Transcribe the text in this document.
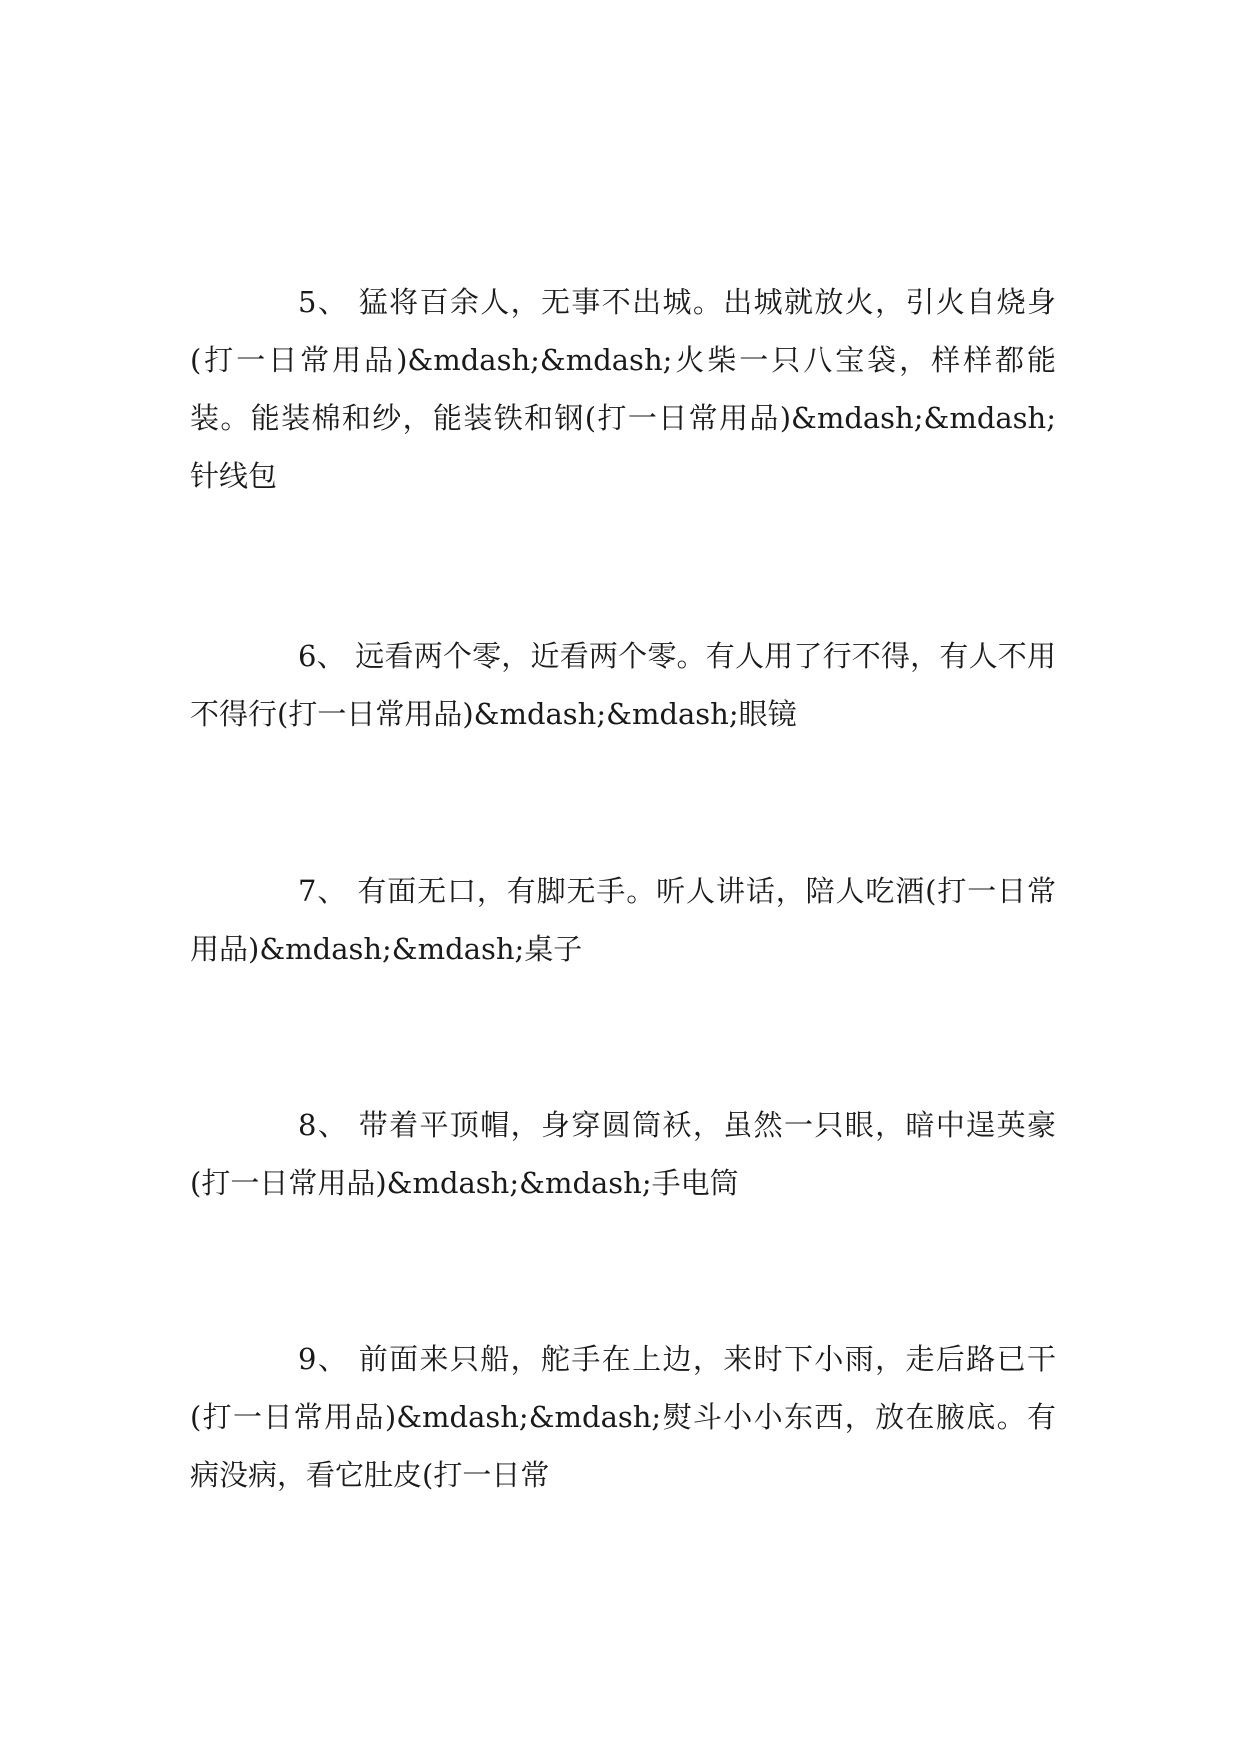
5、 猛将百余人，无事不出城。出城就放火，引火自烧身(打一日常用品)&mdash;&mdash;火柴一只八宝袋，样样都能装。能装棉和纱，能装铁和钢(打一日常用品)&mdash;&mdash; 针线包

6、 远看两个零，近看两个零。有人用了行不得，有人不用不得行(打一日常用品)&mdash;&mdash;眼镜

7、 有面无口，有脚无手。听人讲话，陪人吃酒(打一日常用品)&mdash;&mdash;桌子

8、 带着平顶帽，身穿圆筒袄，虽然一只眼，暗中逞英豪(打一日常用品)&mdash;&mdash;手电筒

9、 前面来只船，舵手在上边，来时下小雨，走后路已干(打一日常用品)&mdash;&mdash;熨斗小小东西，放在腋底。有病没病，看它肚皮(打一日常
